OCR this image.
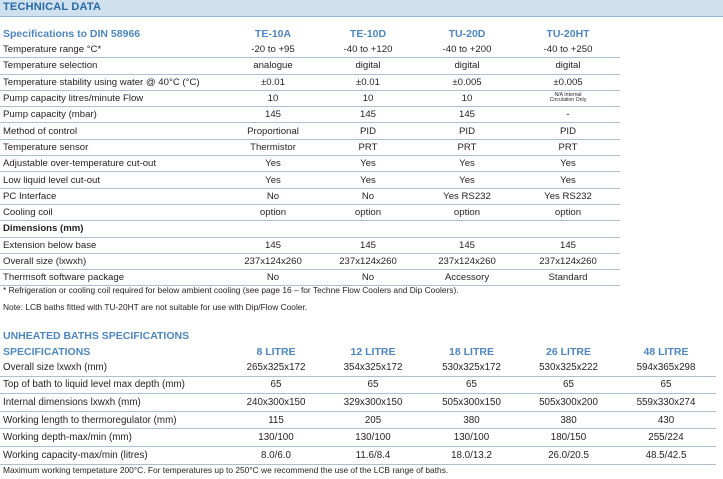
TECHNICAL DATA
Specifications to DIN 58966	TE-10A	TE-10D	TU-20D	TU-20HT
Temperature range °C*	-20 to +95	-40 to +120	-40 to +200	-40 to +250
Temperature selection	analogue	digital	digital	digital
Temperature stability using water @ 40°C (°C)	±0.01	±0.01	±0.005	±0.005
Pump capacity litres/minute Flow	10	10	10	N/A Internal
Circulation Only

Pump capacity (mbar)	145	145	145	-
Method of control	Proportional	PID	PID	PID
Temperature sensor	Thermistor	PRT	PRT	PRT
Adjustable over-temperature cut-out	Yes	Yes	Yes	Yes
Low liquid level cut-out	Yes	Yes	Yes	Yes
PC Interface	No	No	Yes RS232	Yes RS232
Cooling coil	option	option	option	option
Dimensions (mm)				
Extension below base	145	145	145	145
Overall size (lxwxh)	237x124x260	237x124x260	237x124x260	237x124x260
Thermsoft software package	No	No	Accessory	Standard
* Refrigeration or cooling coil required for below ambient cooling (see page 16 – for Techne Flow Coolers and Dip Coolers).
Note: LCB baths fitted with TU-20HT are not suitable for use with Dip/Flow Cooler.
UNHEATED BATHS SPECIFICATIONS
SPECIFICATIONS	8 LITRE	12 LITRE	18 LITRE	26 LITRE	48 LITRE
Overall size lxwxh (mm)	265x325x172	354x325x172	530x325x172	530x325x222	594x365x298
Top of bath to liquid level max depth (mm)	65	65	65	65	65
Internal dimensions lxwxh (mm)	240x300x150	329x300x150	505x300x150	505x300x200	559x330x274
Working length to thermoregulator (mm)	115	205	380	380	430
Working depth-max/min (mm)	130/100	130/100	130/100	180/150	255/224
Working capacity-max/min (litres)	8.0/6.0	11.6/8.4	18.0/13.2	26.0/20.5	48.5/42.5
Maximum working tempetature 200°C. For temperatures up to 250°C we recommend the use of the LCB range of baths.
